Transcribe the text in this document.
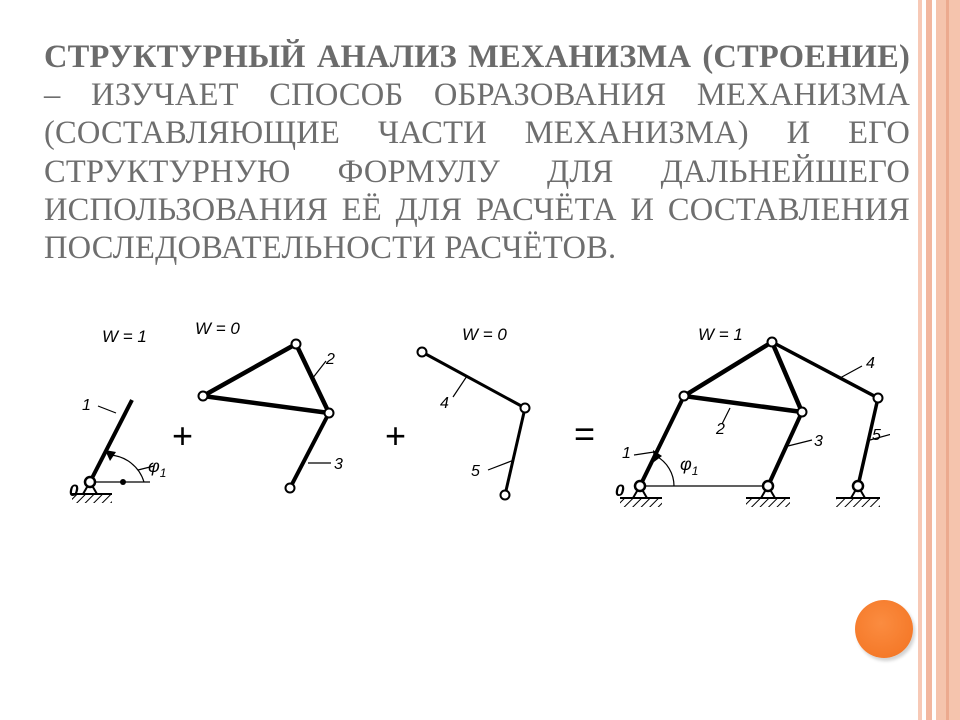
СТРУКТУРНЫЙ АНАЛИЗ МЕХАНИЗМА (СТРОЕНИЕ) – ИЗУЧАЕТ СПОСОБ ОБРАЗОВАНИЯ МЕХАНИЗМА (СОСТАВЛЯЮЩИЕ ЧАСТИ МЕХАНИЗМА) И ЕГО СТРУКТУРНУЮ ФОРМУЛУ ДЛЯ ДАЛЬНЕЙШЕГО ИСПОЛЬЗОВАНИЯ ЕЁ ДЛЯ РАСЧЁТА И СОСТАВЛЕНИЯ ПОСЛЕДОВАТЕЛЬНОСТИ РАСЧЁТОВ.
W = 1
1
$\varphi_1$
0
+
W = 0
2
3
+
W = 0
4
5
=
W = 1
$\varphi_1$
1
2
3
4
5
0
